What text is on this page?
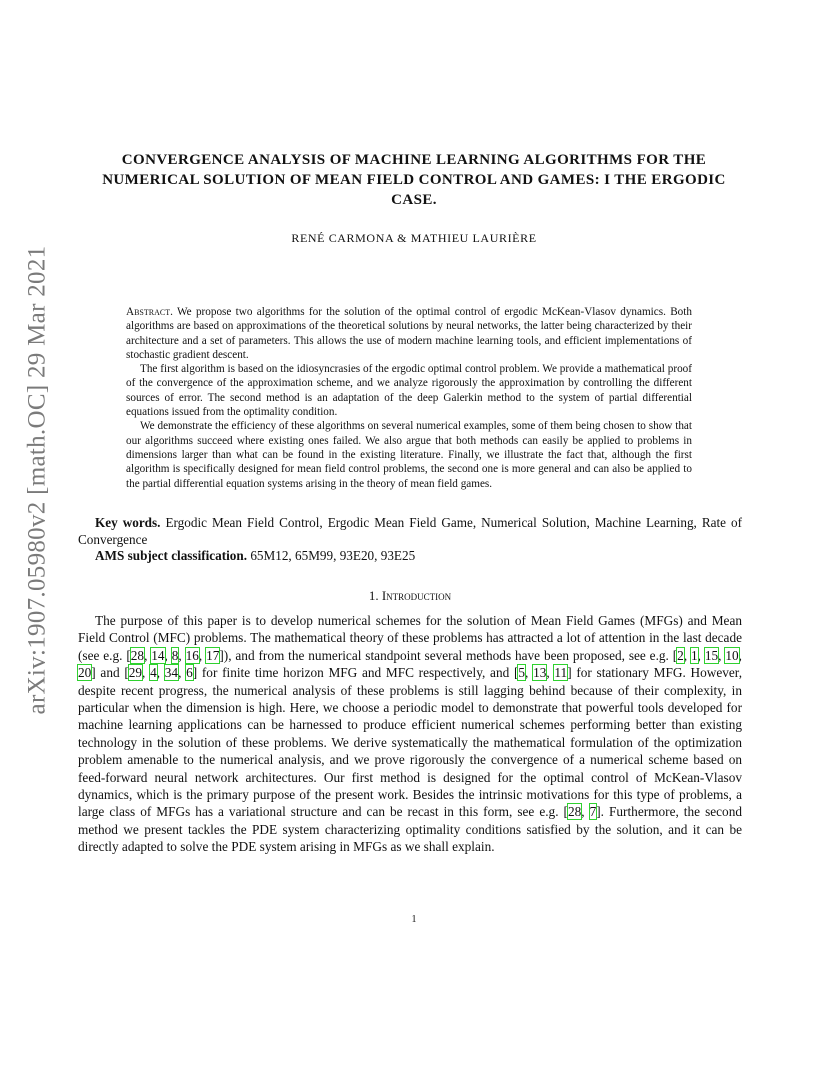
arXiv:1907.05980v2 [math.OC] 29 Mar 2021
CONVERGENCE ANALYSIS OF MACHINE LEARNING ALGORITHMS FOR THE NUMERICAL SOLUTION OF MEAN FIELD CONTROL AND GAMES: I THE ERGODIC CASE.
RENÉ CARMONA & MATHIEU LAURIÈRE

Abstract. We propose two algorithms for the solution of the optimal control of ergodic McKean-Vlasov dynamics. Both algorithms are based on approximations of the theoretical solutions by neural networks, the latter being characterized by their architecture and a set of parameters. This allows the use of modern machine learning tools, and efficient implementations of stochastic gradient descent.

The first algorithm is based on the idiosyncrasies of the ergodic optimal control problem. We provide a mathematical proof of the convergence of the approximation scheme, and we analyze rigorously the approximation by controlling the different sources of error. The second method is an adaptation of the deep Galerkin method to the system of partial differential equations issued from the optimality condition.

We demonstrate the efficiency of these algorithms on several numerical examples, some of them being chosen to show that our algorithms succeed where existing ones failed. We also argue that both methods can easily be applied to problems in dimensions larger than what can be found in the existing literature. Finally, we illustrate the fact that, although the first algorithm is specifically designed for mean field control problems, the second one is more general and can also be applied to the partial differential equation systems arising in the theory of mean field games.

Key words. Ergodic Mean Field Control, Ergodic Mean Field Game, Numerical Solution, Machine Learning, Rate of Convergence

AMS subject classification. 65M12, 65M99, 93E20, 93E25

1. Introduction

The purpose of this paper is to develop numerical schemes for the solution of Mean Field Games (MFGs) and Mean Field Control (MFC) problems. The mathematical theory of these problems has attracted a lot of attention in the last decade (see e.g. [28, 14, 8, 16, 17]), and from the numerical standpoint several methods have been proposed, see e.g. [2, 1, 15, 10, 20] and [29, 4, 34, 6] for finite time horizon MFG and MFC respectively, and [5, 13, 11] for stationary MFG. However, despite recent progress, the numerical analysis of these problems is still lagging behind because of their complexity, in particular when the dimension is high. Here, we choose a periodic model to demonstrate that powerful tools developed for machine learning applications can be harnessed to produce efficient numerical schemes performing better than existing technology in the solution of these problems. We derive systematically the mathematical formulation of the optimization problem amenable to the numerical analysis, and we prove rigorously the convergence of a numerical scheme based on feed-forward neural network architectures. Our first method is designed for the optimal control of McKean-Vlasov dynamics, which is the primary purpose of the present work. Besides the intrinsic motivations for this type of problems, a large class of MFGs has a variational structure and can be recast in this form, see e.g. [28, 7]. Furthermore, the second method we present tackles the PDE system characterizing optimality conditions satisfied by the solution, and it can be directly adapted to solve the PDE system arising in MFGs as we shall explain.

1
